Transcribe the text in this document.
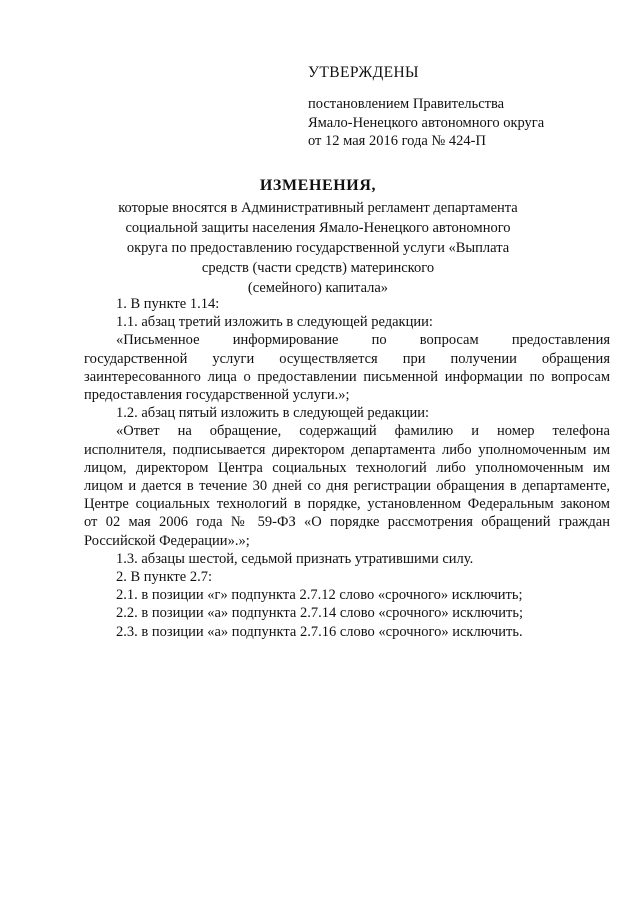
УТВЕРЖДЕНЫ

постановлением Правительства

Ямало-Ненецкого автономного округа

от 12 мая 2016 года № 424-П

ИЗМЕНЕНИЯ,

которые вносятся в Административный регламент департамента

социальной защиты населения Ямало-Ненецкого автономного

округа по предоставлению государственной услуги «Выплата

средств (части средств) материнского

(семейного) капитала»

1. В пункте 1.14:

1.1. абзац третий изложить в следующей редакции:

«Письменное информирование по вопросам предоставления

государственной услуги осуществляется при получении обращения

заинтересованного лица о предоставлении письменной информации по вопросам

предоставления государственной услуги.»;

1.2. абзац пятый изложить в следующей редакции:

«Ответ на обращение, содержащий фамилию и номер телефона

исполнителя, подписывается директором департамента либо уполномоченным им

лицом, директором Центра социальных технологий либо уполномоченным им

лицом и дается в течение 30 дней со дня регистрации обращения в департаменте,

Центре социальных технологий в порядке, установленном Федеральным законом

от 02 мая 2006 года № 59-ФЗ «О порядке рассмотрения обращений граждан

Российской Федерации».»;

1.3. абзацы шестой, седьмой признать утратившими силу.

2. В пункте 2.7:

2.1. в позиции «г» подпункта 2.7.12 слово «срочного» исключить;

2.2. в позиции «а» подпункта 2.7.14 слово «срочного» исключить;

2.3. в позиции «а» подпункта 2.7.16 слово «срочного» исключить.
